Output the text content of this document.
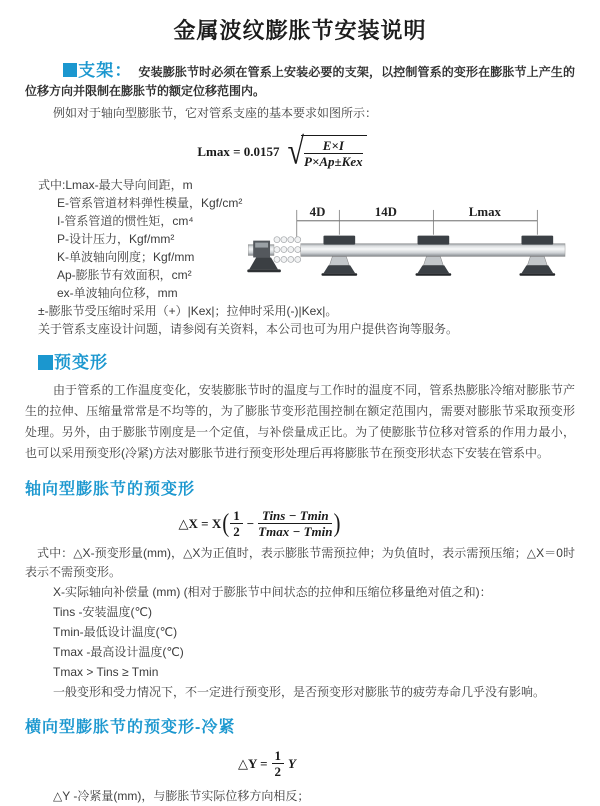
金属波纹膨胀节安装说明

支架： 安装膨胀节时必须在管系上安装必要的支架，以控制管系的变形在膨胀节上产生的位移方向并限制在膨胀节的额定位移范围内。

例如对于轴向型膨胀节，它对管系支座的基本要求如图所示：

Lmax = 0.0157 √ $\frac{E\times I}{\text{P×Ap±Kex}}$
式中:Lmax-最大导向间距，m
E-管系管道材料弹性模量，Kgf/cm²
I-管系管道的惯性矩，cm⁴
P-设计压力，Kgf/mm²
K-单波轴向刚度；Kgf/mm
Ap-膨胀节有效面积，cm²
ex-单波轴向位移，mm
±-膨胀节受压缩时采用（+）|Kex|；拉伸时采用(-)|Kex|。
关于管系支座设计问题，请参阅有关资料，本公司也可为用户提供咨询等服务。
4D	14D	Lmax
预变形

由于管系的工作温度变化，安装膨胀节时的温度与工作时的温度不同，管系热膨胀冷缩对膨胀节产生的拉伸、压缩量常常是不均等的，为了膨胀节变形范围控制在额定范围内，需要对膨胀节采取预变形处理。另外，由于膨胀节刚度是一个定值，与补偿量成正比。为了使膨胀节位移对管系的作用力最小，也可以采用预变形(冷紧)方法对膨胀节进行预变形处理后再将膨胀节在预变形状态下安装在管系中。

轴向型膨胀节的预变形
△X = X ( $\frac{1}{2} - \frac{\text{Tins − Tmin}}{Tmax - Tmin}$ )

式中：△X-预变形量(mm)，△X为正值时，表示膨胀节需预拉伸；为负值时，表示需预压缩；△X＝0时表示不需预变形。

X-实际轴向补偿量 (mm) (相对于膨胀节中间状态的拉伸和压缩位移量绝对值之和)：
Tins -安装温度(℃)
Tmin-最低设计温度(℃)
Tmax -最高设计温度(℃)
Tmax > Tins ≥ Tmin

一般变形和受力情况下，不一定进行预变形，是否预变形对膨胀节的疲劳寿命几乎没有影响。

横向型膨胀节的预变形-冷紧
△Y = $\frac{1}{2}$ Y
△Y -冷紧量(mm)，与膨胀节实际位移方向相反；
